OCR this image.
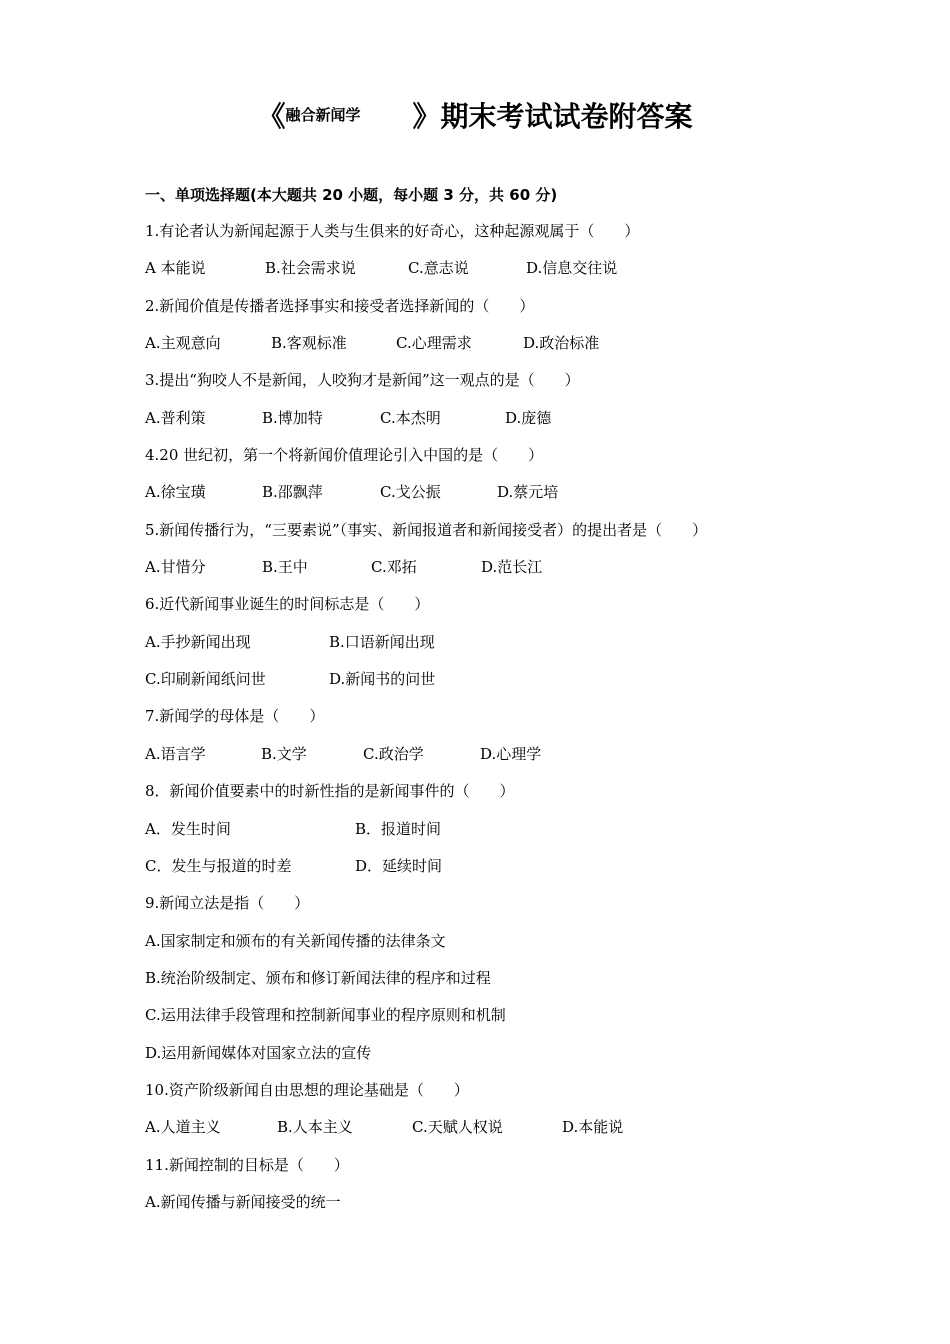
《融合新闻学 》期末考试试卷附答案
一、单项选择题(本大题共 20 小题，每小题 3 分，共 60 分)
1.有论者认为新闻起源于人类与生俱来的好奇心，这种起源观属于（　　）
A 本能说	B.社会需求说	C.意志说	D.信息交往说
2.新闻价值是传播者选择事实和接受者选择新闻的（　　）
A.主观意向	B.客观标准	C.心理需求	D.政治标准
3.提出“狗咬人不是新闻，人咬狗才是新闻”这一观点的是（　　）
A.普利策	B.博加特	C.本杰明	D.庞德
4.20 世纪初，第一个将新闻价值理论引入中国的是（　　）
A.徐宝璜	B.邵飘萍	C.戈公振	D.蔡元培
5.新闻传播行为，“三要素说”（事实、新闻报道者和新闻接受者）的提出者是（　　）
A.甘惜分	B.王中	C.邓拓	D.范长江
6.近代新闻事业诞生的时间标志是（　　）
A.手抄新闻出现	B.口语新闻出现
C.印刷新闻纸问世	D.新闻书的问世
7.新闻学的母体是（　　）
A.语言学	B.文学	C.政治学	D.心理学
8．新闻价值要素中的时新性指的是新闻事件的（　　）
A．发生时间	B．报道时间
C．发生与报道的时差	D．延续时间
9.新闻立法是指（　　）
A.国家制定和颁布的有关新闻传播的法律条文
B.统治阶级制定、颁布和修订新闻法律的程序和过程
C.运用法律手段管理和控制新闻事业的程序原则和机制
D.运用新闻媒体对国家立法的宣传
10.资产阶级新闻自由思想的理论基础是（　　）
A.人道主义	B.人本主义	C.天赋人权说	D.本能说
11.新闻控制的目标是（　　）
A.新闻传播与新闻接受的统一
